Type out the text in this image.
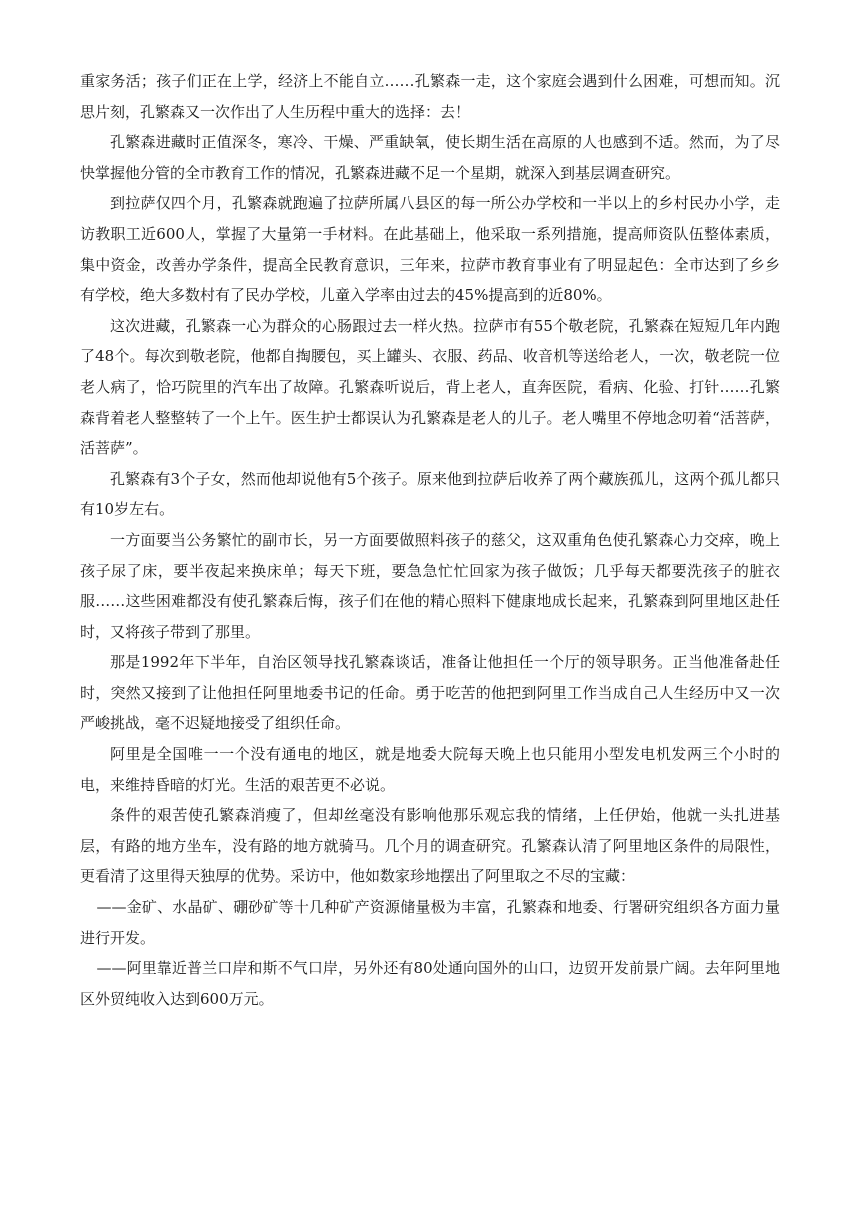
重家务活；孩子们正在上学，经济上不能自立……孔繁森一走，这个家庭会遇到什么困难，可想而知。沉思片刻，孔繁森又一次作出了人生历程中重大的选择：去！

孔繁森进藏时正值深冬，寒冷、干燥、严重缺氧，使长期生活在高原的人也感到不适。然而，为了尽快掌握他分管的全市教育工作的情况，孔繁森进藏不足一个星期，就深入到基层调查研究。

到拉萨仅四个月，孔繁森就跑遍了拉萨所属八县区的每一所公办学校和一半以上的乡村民办小学，走访教职工近600人，掌握了大量第一手材料。在此基础上，他采取一系列措施，提高师资队伍整体素质，集中资金，改善办学条件，提高全民教育意识，三年来，拉萨市教育事业有了明显起色：全市达到了乡乡有学校，绝大多数村有了民办学校，儿童入学率由过去的45%提高到的近80%。

这次进藏，孔繁森一心为群众的心肠跟过去一样火热。拉萨市有55个敬老院，孔繁森在短短几年内跑了48个。每次到敬老院，他都自掏腰包，买上罐头、衣服、药品、收音机等送给老人，一次，敬老院一位老人病了，恰巧院里的汽车出了故障。孔繁森听说后，背上老人，直奔医院，看病、化验、打针……孔繁森背着老人整整转了一个上午。医生护士都误认为孔繁森是老人的儿子。老人嘴里不停地念叨着“活菩萨，活菩萨”。

孔繁森有3个子女，然而他却说他有5个孩子。原来他到拉萨后收养了两个藏族孤儿，这两个孤儿都只有10岁左右。

一方面要当公务繁忙的副市长，另一方面要做照料孩子的慈父，这双重角色使孔繁森心力交瘁，晚上孩子尿了床，要半夜起来换床单；每天下班，要急急忙忙回家为孩子做饭；几乎每天都要洗孩子的脏衣服……这些困难都没有使孔繁森后悔，孩子们在他的精心照料下健康地成长起来，孔繁森到阿里地区赴任时，又将孩子带到了那里。

那是1992年下半年，自治区领导找孔繁森谈话，准备让他担任一个厅的领导职务。正当他准备赴任时，突然又接到了让他担任阿里地委书记的任命。勇于吃苦的他把到阿里工作当成自己人生经历中又一次严峻挑战，毫不迟疑地接受了组织任命。

阿里是全国唯一一个没有通电的地区，就是地委大院每天晚上也只能用小型发电机发两三个小时的电，来维持昏暗的灯光。生活的艰苦更不必说。

条件的艰苦使孔繁森消瘦了，但却丝毫没有影响他那乐观忘我的情绪，上任伊始，他就一头扎进基层，有路的地方坐车，没有路的地方就骑马。几个月的调查研究。孔繁森认清了阿里地区条件的局限性，更看清了这里得天独厚的优势。采访中，他如数家珍地摆出了阿里取之不尽的宝藏：

——金矿、水晶矿、硼砂矿等十几种矿产资源储量极为丰富，孔繁森和地委、行署研究组织各方面力量进行开发。

——阿里靠近普兰口岸和斯不气口岸，另外还有80处通向国外的山口，边贸开发前景广阔。去年阿里地区外贸纯收入达到600万元。
